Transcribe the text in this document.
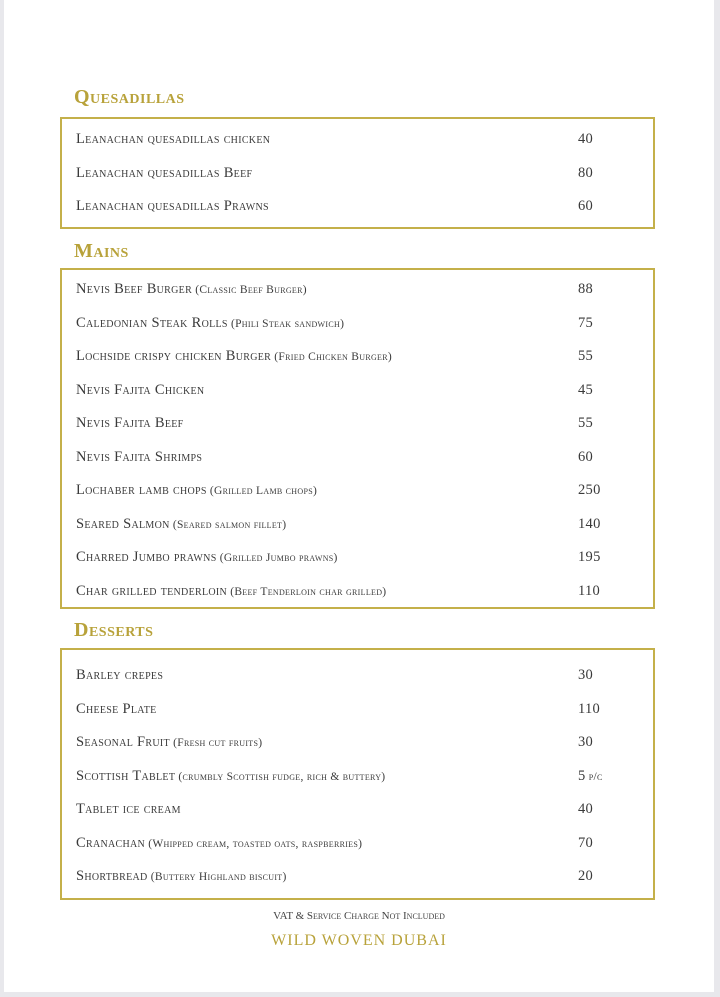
Quesadillas
Leanachan quesadillas chicken	40
Leanachan quesadillas Beef	80
Leanachan quesadillas Prawns	60
Mains
Nevis Beef Burger (Classic Beef Burger)	88
Caledonian Steak Rolls (Phili Steak sandwich)	75
Lochside crispy chicken Burger (Fried Chicken Burger)	55
Nevis Fajita Chicken	45
Nevis Fajita Beef	55
Nevis Fajita Shrimps	60
Lochaber lamb chops (Grilled Lamb chops)	250
Seared Salmon (Seared salmon fillet)	140
Charred Jumbo prawns (Grilled Jumbo prawns)	195
Char grilled tenderloin (Beef Tenderloin char grilled)	110
Desserts
Barley crepes	30
Cheese Plate	110
Seasonal Fruit (Fresh cut fruits)	30
Scottish Tablet (crumbly Scottish fudge, rich & buttery)	5 p/c
Tablet ice cream	40
Cranachan (Whipped cream, toasted oats, raspberries)	70
Shortbread (Buttery Highland biscuit)	20
VAT & Service Charge Not Included
WILD WOVEN DUBAI
